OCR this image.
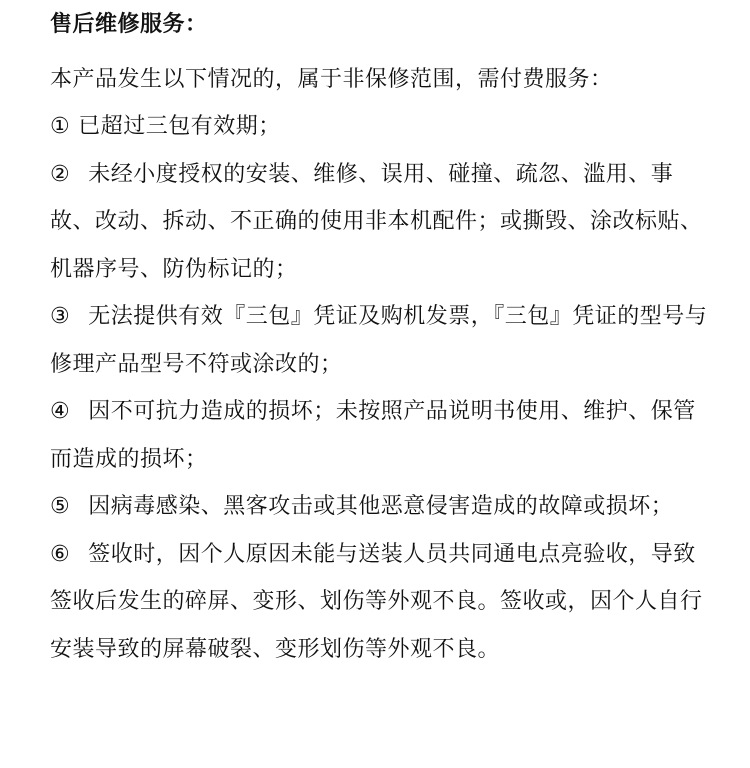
售后维修服务：

本产品发生以下情况的，属于非保修范围，需付费服务：

① 已超过三包有效期；

② 未经小度授权的安装、维修、误用、碰撞、疏忽、滥用、事故、改动、拆动、不正确的使用非本机配件；或撕毁、涂改标贴、机器序号、防伪标记的；

③ 无法提供有效『三包』凭证及购机发票，『三包』凭证的型号与修理产品型号不符或涂改的；

④ 因不可抗力造成的损坏；未按照产品说明书使用、维护、保管而造成的损坏；

⑤ 因病毒感染、黑客攻击或其他恶意侵害造成的故障或损坏；

⑥ 签收时，因个人原因未能与送装人员共同通电点亮验收，导致签收后发生的碎屏、变形、划伤等外观不良。签收或，因个人自行安装导致的屏幕破裂、变形划伤等外观不良。
